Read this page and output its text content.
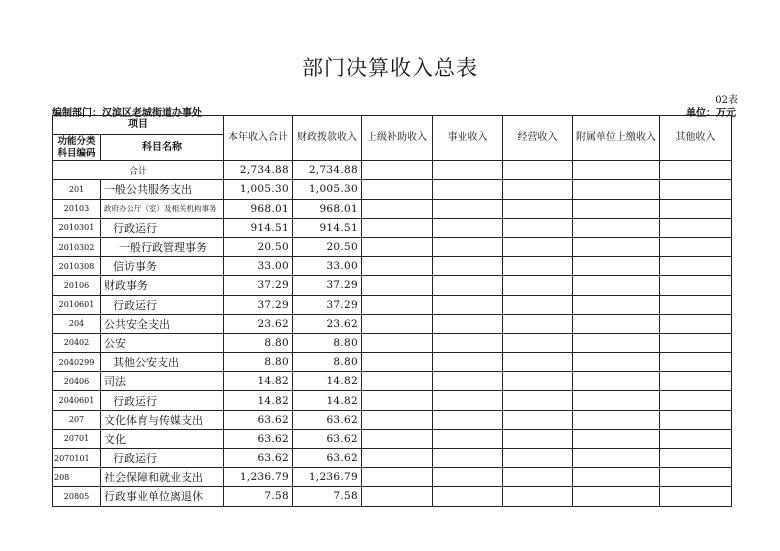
部门决算收入总表
02表
编制部门：汉滨区老城街道办事处	单位：万元
项目		本年收入合计	财政拨款收入	上级补助收入	事业收入	经营收入	附属单位上缴收入	其他收入
功能分类科目编码	科目名称							
合计		2,734.88	2,734.88					
201	一般公共服务支出	1,005.30	1,005.30					
20103	政府办公厅（室）及相关机构事务	968.01	968.01					
2010301	行政运行	914.51	914.51					
2010302	一般行政管理事务	20.50	20.50					
2010308	信访事务	33.00	33.00					
20106	财政事务	37.29	37.29					
2010601	行政运行	37.29	37.29					
204	公共安全支出	23.62	23.62					
20402	公安	8.80	8.80					
2040299	其他公安支出	8.80	8.80					
20406	司法	14.82	14.82					
2040601	行政运行	14.82	14.82					
207	文化体育与传媒支出	63.62	63.62					
20701	文化	63.62	63.62					
2070101	行政运行	63.62	63.62					
208	社会保障和就业支出	1,236.79	1,236.79					
20805	行政事业单位离退休	7.58	7.58					
